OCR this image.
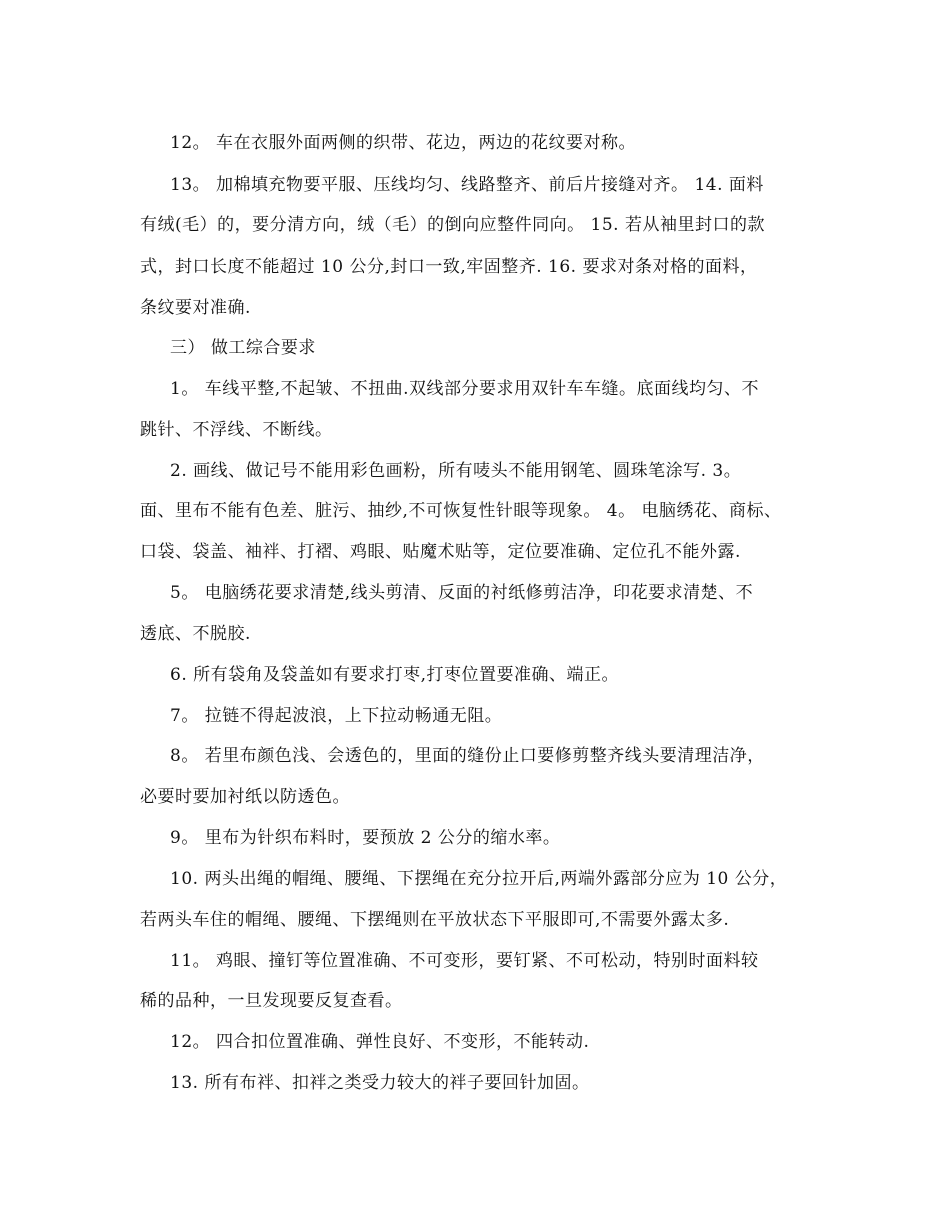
12。 车在衣服外面两侧的织带、花边，两边的花纹要对称。
13。 加棉填充物要平服、压线均匀、线路整齐、前后片接缝对齐。 14. 面料
有绒(毛）的，要分清方向，绒（毛）的倒向应整件同向。 15. 若从袖里封口的款
式，封口长度不能超过 10 公分,封口一致,牢固整齐. 16. 要求对条对格的面料，
条纹要对准确.
三） 做工综合要求
1。 车线平整,不起皱、不扭曲.双线部分要求用双针车车缝。底面线均匀、不
跳针、不浮线、不断线。
2. 画线、做记号不能用彩色画粉，所有唛头不能用钢笔、圆珠笔涂写. 3。
面、里布不能有色差、脏污、抽纱,不可恢复性针眼等现象。 4。 电脑绣花、商标、
口袋、袋盖、袖袢、打褶、鸡眼、贴魔术贴等，定位要准确、定位孔不能外露.
5。 电脑绣花要求清楚,线头剪清、反面的衬纸修剪洁净，印花要求清楚、不
透底、不脱胶.
6. 所有袋角及袋盖如有要求打枣,打枣位置要准确、端正。
7。 拉链不得起波浪，上下拉动畅通无阻。
8。 若里布颜色浅、会透色的，里面的缝份止口要修剪整齐线头要清理洁净，
必要时要加衬纸以防透色。
9。 里布为针织布料时，要预放 2 公分的缩水率。
10. 两头出绳的帽绳、腰绳、下摆绳在充分拉开后,两端外露部分应为 10 公分，
若两头车住的帽绳、腰绳、下摆绳则在平放状态下平服即可,不需要外露太多.
11。 鸡眼、撞钉等位置准确、不可变形，要钉紧、不可松动，特别时面料较
稀的品种，一旦发现要反复查看。
12。 四合扣位置准确、弹性良好、不变形，不能转动.
13. 所有布袢、扣袢之类受力较大的袢子要回针加固。
